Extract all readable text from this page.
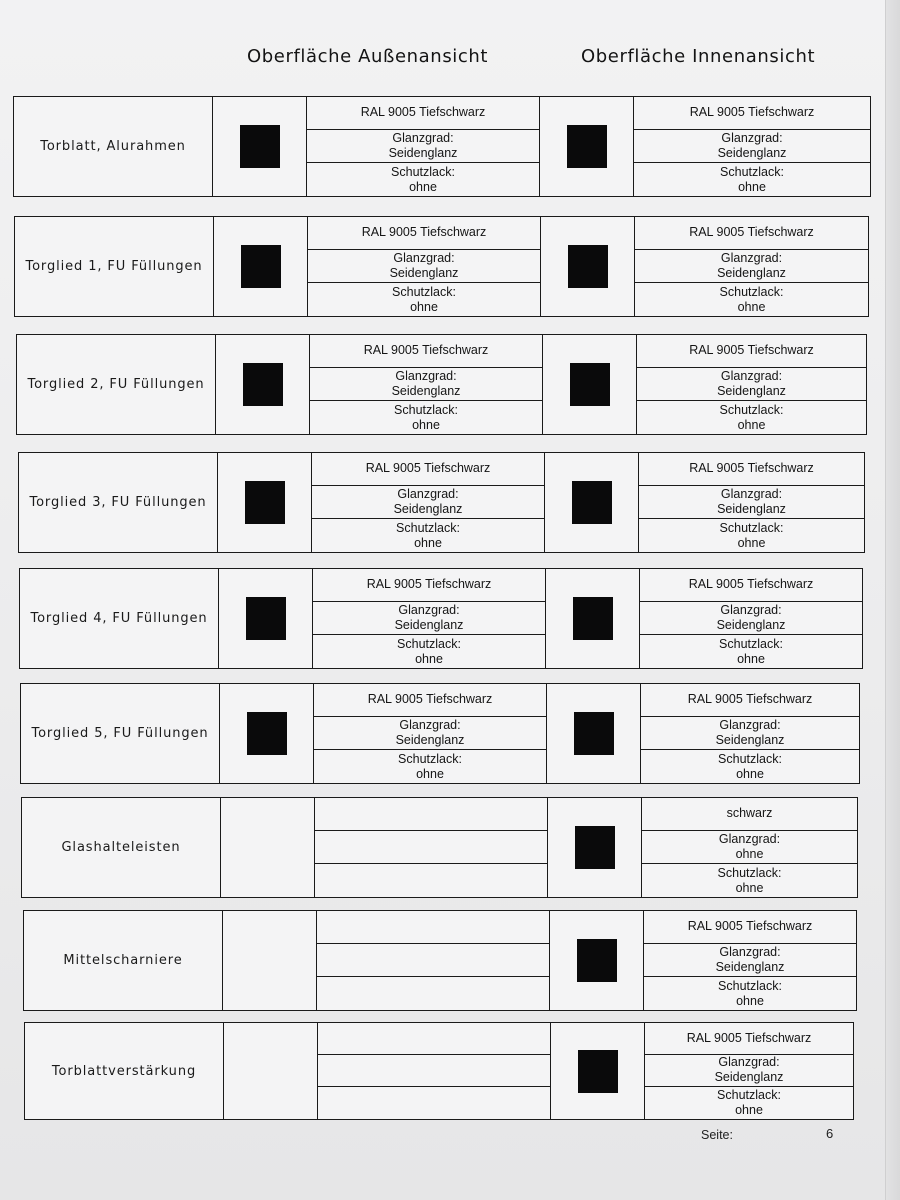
Oberfläche Außenansicht	Oberfläche Innenansicht
Torblatt, Alurahmen
RAL 9005 Tiefschwarz
Glanzgrad:
Seidenglanz
Schutzlack:
ohne
RAL 9005 Tiefschwarz
Glanzgrad:
Seidenglanz
Schutzlack:
ohne
Torglied 1, FU Füllungen
RAL 9005 Tiefschwarz
Glanzgrad:
Seidenglanz
Schutzlack:
ohne
RAL 9005 Tiefschwarz
Glanzgrad:
Seidenglanz
Schutzlack:
ohne
Torglied 2, FU Füllungen
RAL 9005 Tiefschwarz
Glanzgrad:
Seidenglanz
Schutzlack:
ohne
RAL 9005 Tiefschwarz
Glanzgrad:
Seidenglanz
Schutzlack:
ohne
Torglied 3, FU Füllungen
RAL 9005 Tiefschwarz
Glanzgrad:
Seidenglanz
Schutzlack:
ohne
RAL 9005 Tiefschwarz
Glanzgrad:
Seidenglanz
Schutzlack:
ohne
Torglied 4, FU Füllungen
RAL 9005 Tiefschwarz
Glanzgrad:
Seidenglanz
Schutzlack:
ohne
RAL 9005 Tiefschwarz
Glanzgrad:
Seidenglanz
Schutzlack:
ohne
Torglied 5, FU Füllungen
RAL 9005 Tiefschwarz
Glanzgrad:
Seidenglanz
Schutzlack:
ohne
RAL 9005 Tiefschwarz
Glanzgrad:
Seidenglanz
Schutzlack:
ohne
Glashalteleisten
schwarz
Glanzgrad:
ohne
Schutzlack:
ohne
Mittelscharniere
RAL 9005 Tiefschwarz
Glanzgrad:
Seidenglanz
Schutzlack:
ohne
Torblattverstärkung
RAL 9005 Tiefschwarz
Glanzgrad:
Seidenglanz
Schutzlack:
ohne
Seite:	6
